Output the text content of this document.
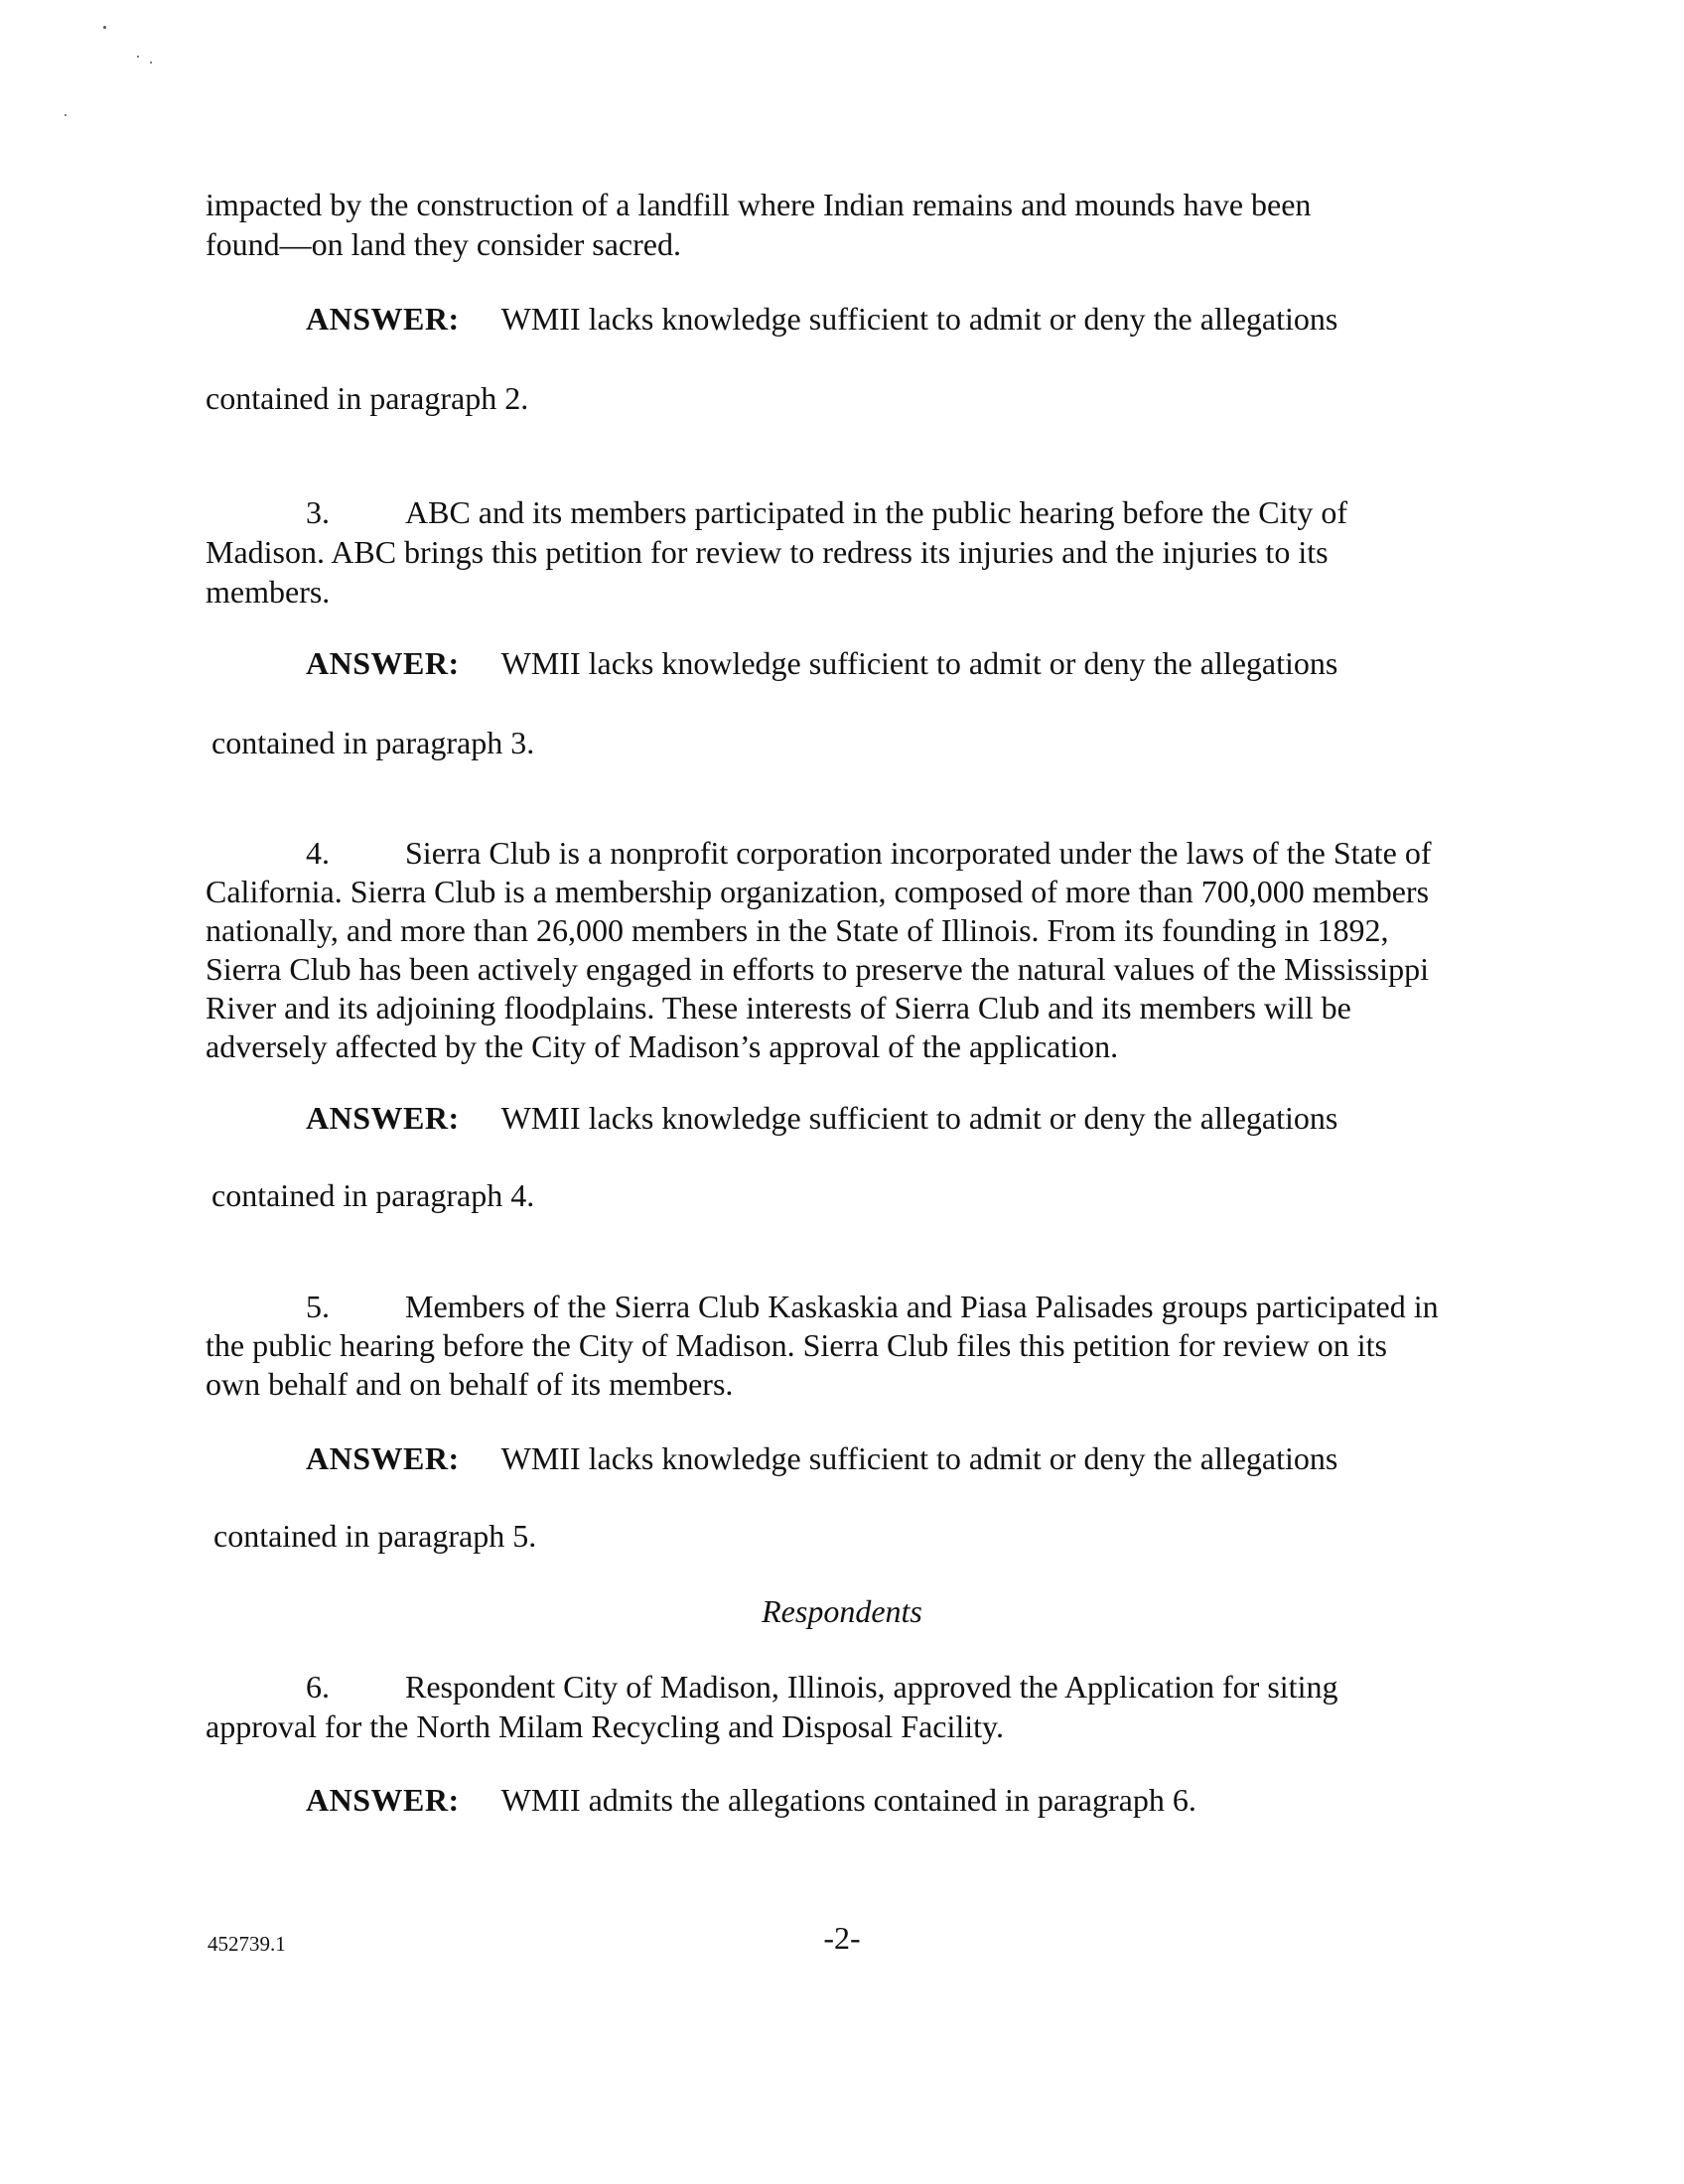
impacted by the construction of a landfill where Indian remains and mounds have been
found—on land they consider sacred.
ANSWER: WMII lacks knowledge sufficient to admit or deny the allegations
contained in paragraph 2.
3. ABC and its members participated in the public hearing before the City of
Madison. ABC brings this petition for review to redress its injuries and the injuries to its
members.
ANSWER: WMII lacks knowledge sufficient to admit or deny the allegations
contained in paragraph 3.
4. Sierra Club is a nonprofit corporation incorporated under the laws of the State of
California. Sierra Club is a membership organization, composed of more than 700,000 members
nationally, and more than 26,000 members in the State of Illinois. From its founding in 1892,
Sierra Club has been actively engaged in efforts to preserve the natural values of the Mississippi
River and its adjoining floodplains. These interests of Sierra Club and its members will be
adversely affected by the City of Madison’s approval of the application.
ANSWER: WMII lacks knowledge sufficient to admit or deny the allegations
contained in paragraph 4.
5. Members of the Sierra Club Kaskaskia and Piasa Palisades groups participated in
the public hearing before the City of Madison. Sierra Club files this petition for review on its
own behalf and on behalf of its members.
ANSWER: WMII lacks knowledge sufficient to admit or deny the allegations
contained in paragraph 5.
Respondents
6. Respondent City of Madison, Illinois, approved the Application for siting
approval for the North Milam Recycling and Disposal Facility.
ANSWER: WMII admits the allegations contained in paragraph 6.
452739.1	-2-
